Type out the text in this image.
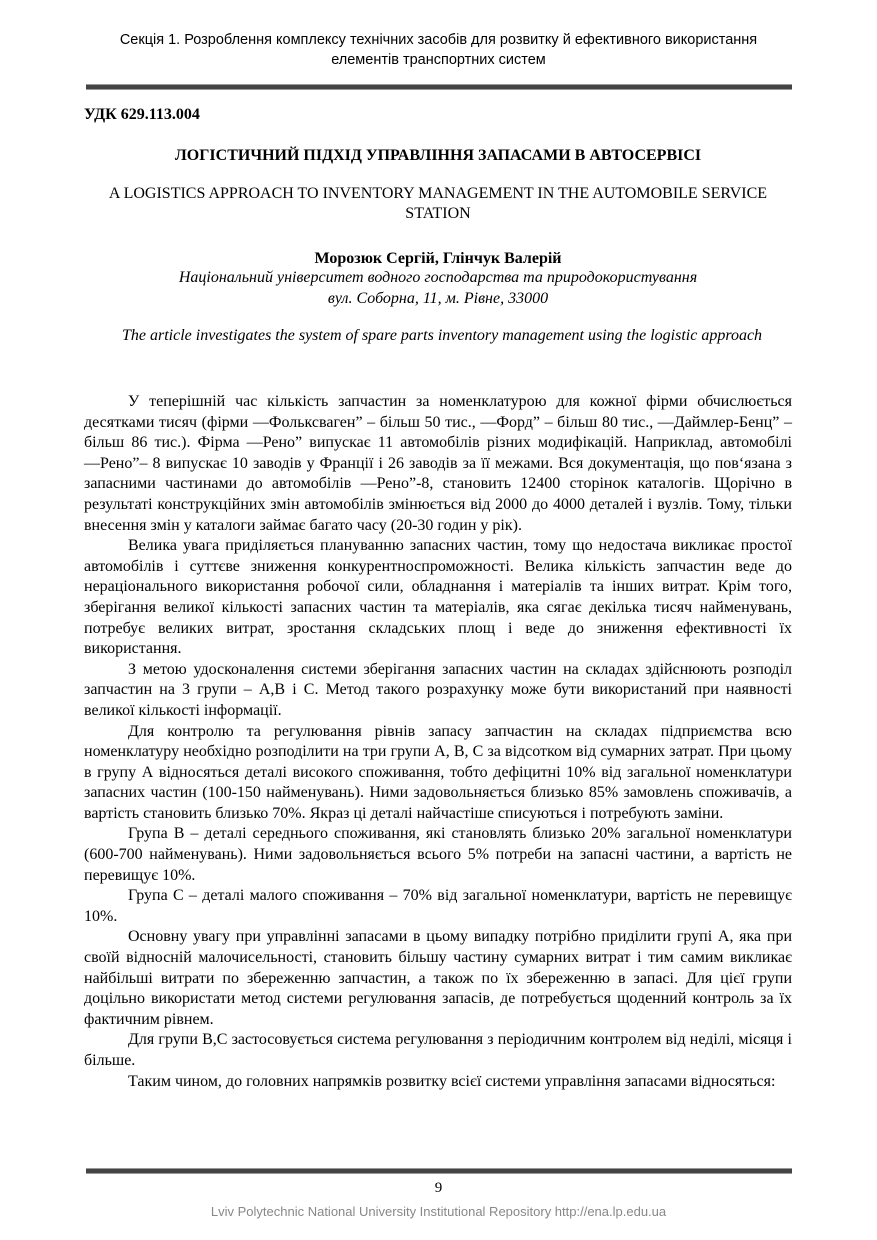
Секція 1. Розроблення комплексу технічних засобів для розвитку й ефективного використання
елементів транспортних систем
УДК 629.113.004
ЛОГІСТИЧНИЙ ПІДХІД УПРАВЛІННЯ ЗАПАСАМИ В АВТОСЕРВІСІ
A LOGISTICS APPROACH TO INVENTORY MANAGEMENT IN THE AUTOMOBILE SERVICE STATION
Морозюк Сергій, Глінчук Валерій
Національний університет водного господарства та природокористування
вул. Соборна, 11, м. Рівне, 33000
The article investigates the system of spare parts inventory management using the logistic approach

У теперішній час кількість запчастин за номенклатурою для кожної фірми обчислюється десятками тисяч (фірми ―Фольксваген” – більш 50 тис., ―Форд” – більш 80 тис., ―Даймлер-Бенц” – більш 86 тис.). Фірма ―Рено” випускає 11 автомобілів різних модифікацій. Наприклад, автомобілі ―Рено”– 8 випускає 10 заводів у Франції і 26 заводів за її межами. Вся документація, що пов‘язана з запасними частинами до автомобілів ―Рено”-8, становить 12400 сторінок каталогів. Щорічно в результаті конструкційних змін автомобілів змінюється від 2000 до 4000 деталей і вузлів. Тому, тільки внесення змін у каталоги займає багато часу (20-30 годин у рік).

Велика увага приділяється плануванню запасних частин, тому що недостача викликає простої автомобілів і суттєве зниження конкурентноспроможності. Велика кількість запчастин веде до нераціонального використання робочої сили, обладнання і матеріалів та інших витрат. Крім того, зберігання великої кількості запасних частин та матеріалів, яка сягає декілька тисяч найменувань, потребує великих витрат, зростання складських площ і веде до зниження ефективності їх використання.

З метою удосконалення системи зберігання запасних частин на складах здійснюють розподіл запчастин на 3 групи – А,В і С. Метод такого розрахунку може бути використаний при наявності великої кількості інформації.

Для контролю та регулювання рівнів запасу запчастин на складах підприємства всю номенклатуру необхідно розподілити на три групи А, В, С за відсотком від сумарних затрат. При цьому в групу А відносяться деталі високого споживання, тобто дефіцитні 10% від загальної номенклатури запасних частин (100-150 найменувань). Ними задовольняється близько 85% замовлень споживачів, а вартість становить близько 70%. Якраз ці деталі найчастіше списуються і потребують заміни.

Група В – деталі середнього споживання, які становлять близько 20% загальної номенклатури (600-700 найменувань). Ними задовольняється всього 5% потреби на запасні частини, а вартість не перевищує 10%.

Група С – деталі малого споживання – 70% від загальної номенклатури, вартість не перевищує 10%.

Основну увагу при управлінні запасами в цьому випадку потрібно приділити групі А, яка при своїй відносній малочисельності, становить більшу частину сумарних витрат і тим самим викликає найбільші витрати по збереженню запчастин, а також по їх збереженню в запасі. Для цієї групи доцільно використати метод системи регулювання запасів, де потребується щоденний контроль за їх фактичним рівнем.

Для групи В,С застосовується система регулювання з періодичним контролем від неділі, місяця і більше.

Таким чином, до головних напрямків розвитку всієї системи управління запасами відносяться:

9
Lviv Polytechnic National University Institutional Repository http://ena.lp.edu.ua
